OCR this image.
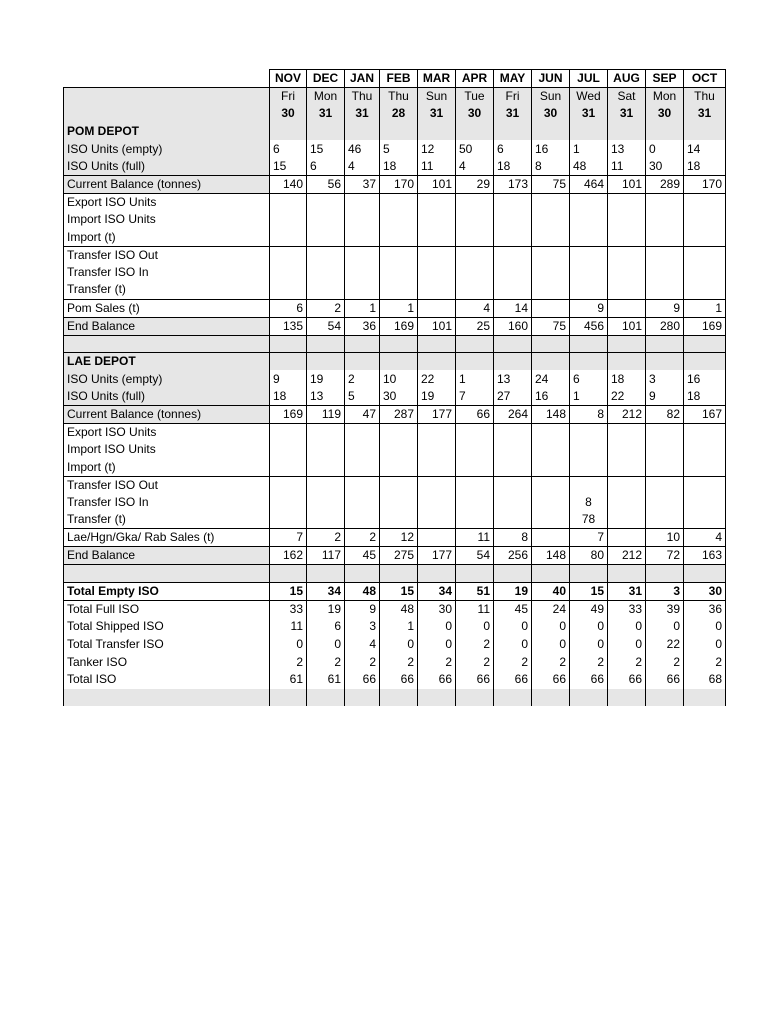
	NOV	DEC	JAN	FEB	MAR	APR	MAY	JUN	JUL	AUG	SEP	OCT
	Fri	Mon	Thu	Thu	Sun	Tue	Fri	Sun	Wed	Sat	Mon	Thu
	30	31	31	28	31	30	31	30	31	31	30	31
POM DEPOT												
ISO Units (empty)	6	15	46	5	12	50	6	16	1	13	0	14
ISO Units (full)	15	6	4	18	11	4	18	8	48	11	30	18
Current Balance (tonnes)	140	56	37	170	101	29	173	75	464	101	289	170
Export ISO Units												
Import ISO Units												
Import (t)												
Transfer ISO Out												
Transfer ISO In												
Transfer (t)												
Pom Sales (t)	6	2	1	1		4	14		9		9	1
End Balance	135	54	36	169	101	25	160	75	456	101	280	169

LAE DEPOT												
ISO Units (empty)	9	19	2	10	22	1	13	24	6	18	3	16
ISO Units (full)	18	13	5	30	19	7	27	16	1	22	9	18
Current Balance (tonnes)	169	119	47	287	177	66	264	148	8	212	82	167
Export ISO Units												
Import ISO Units												
Import (t)												
Transfer ISO Out												
Transfer ISO In									8			
Transfer (t)									78			
Lae/Hgn/Gka/ Rab Sales (t)	7	2	2	12		11	8		7		10	4
End Balance	162	117	45	275	177	54	256	148	80	212	72	163

Total Empty ISO	15	34	48	15	34	51	19	40	15	31	3	30
Total Full ISO	33	19	9	48	30	11	45	24	49	33	39	36
Total Shipped ISO	11	6	3	1	0	0	0	0	0	0	0	0
Total Transfer ISO	0	0	4	0	0	2	0	0	0	0	22	0
Tanker ISO	2	2	2	2	2	2	2	2	2	2	2	2
Total ISO	61	61	66	66	66	66	66	66	66	66	66	68
